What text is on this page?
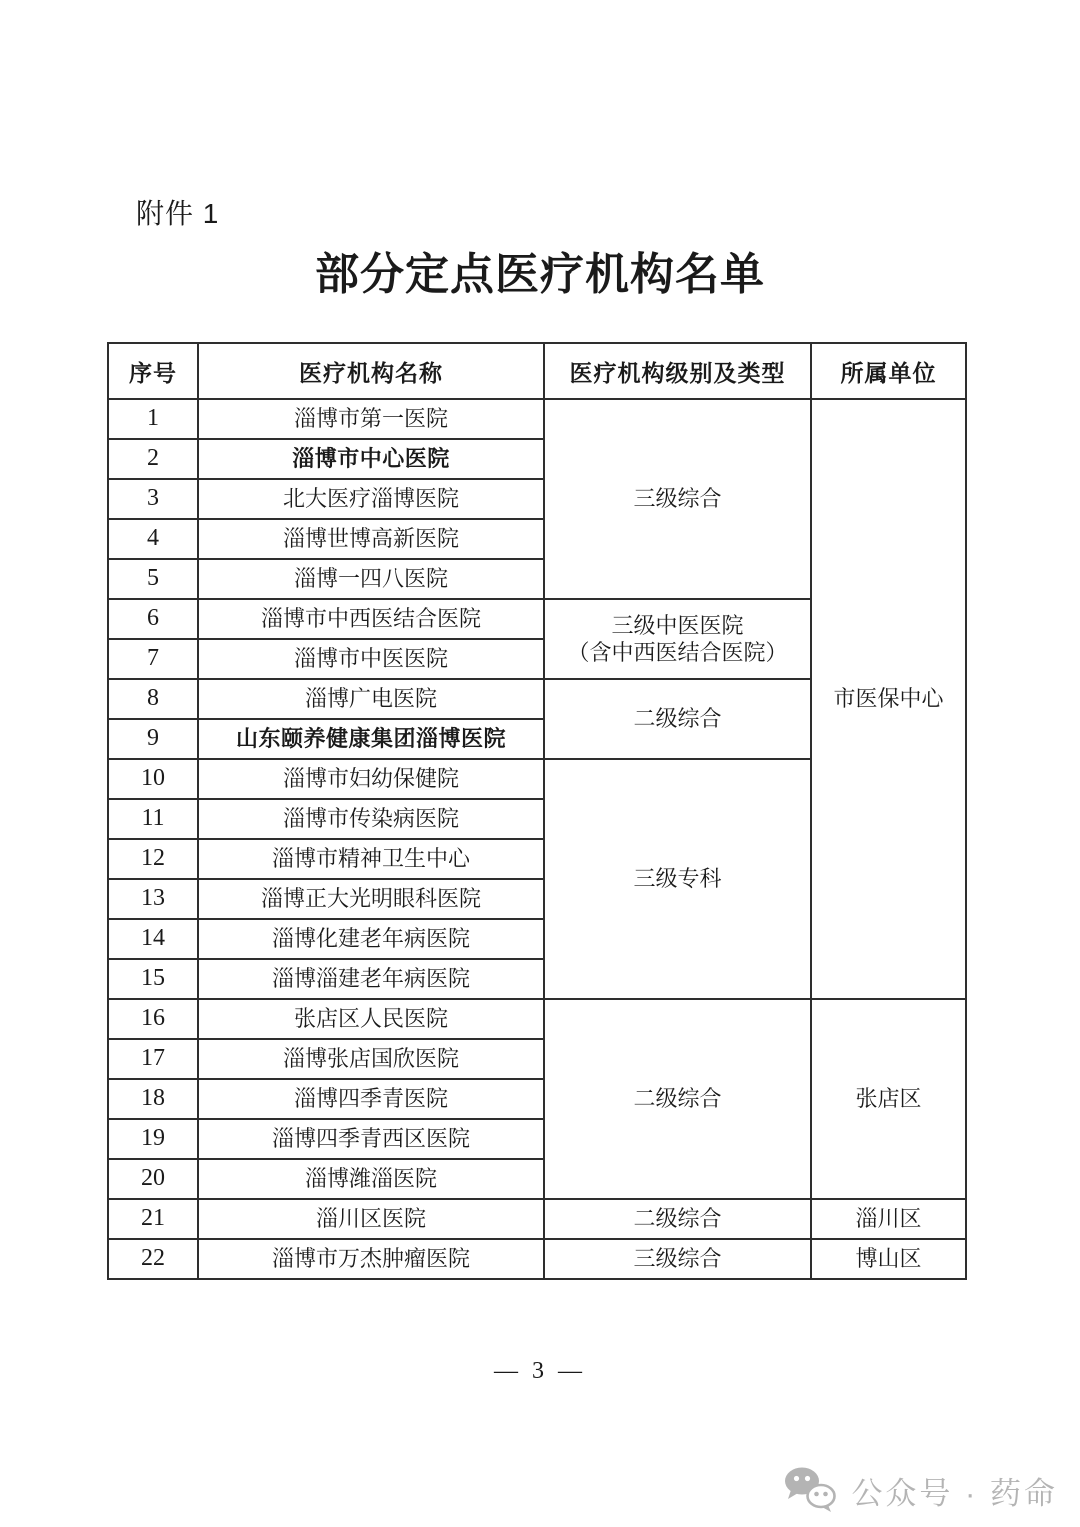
附件 1
部分定点医疗机构名单
序号	医疗机构名称	医疗机构级别及类型	所属单位
1	淄博市第一医院	三级综合	市医保中心
2	淄博市中心医院		
3	北大医疗淄博医院		
4	淄博世博高新医院		
5	淄博一四八医院		
6	淄博市中西医结合医院	三级中医医院
（含中西医结合医院）	

7	淄博市中医医院		
8	淄博广电医院	二级综合	

9	山东颐养健康集团淄博医院		
10	淄博市妇幼保健院	三级专科	

11	淄博市传染病医院		
12	淄博市精神卫生中心		
13	淄博正大光明眼科医院		
14	淄博化建老年病医院		
15	淄博淄建老年病医院		
16	张店区人民医院	二级综合	张店区
17	淄博张店国欣医院		
18	淄博四季青医院		
19	淄博四季青西区医院		
20	淄博潍淄医院		
21	淄川区医院	二级综合	淄川区
22	淄博市万杰肿瘤医院	三级综合	博山区
— 3 —
公众号 · 药命
